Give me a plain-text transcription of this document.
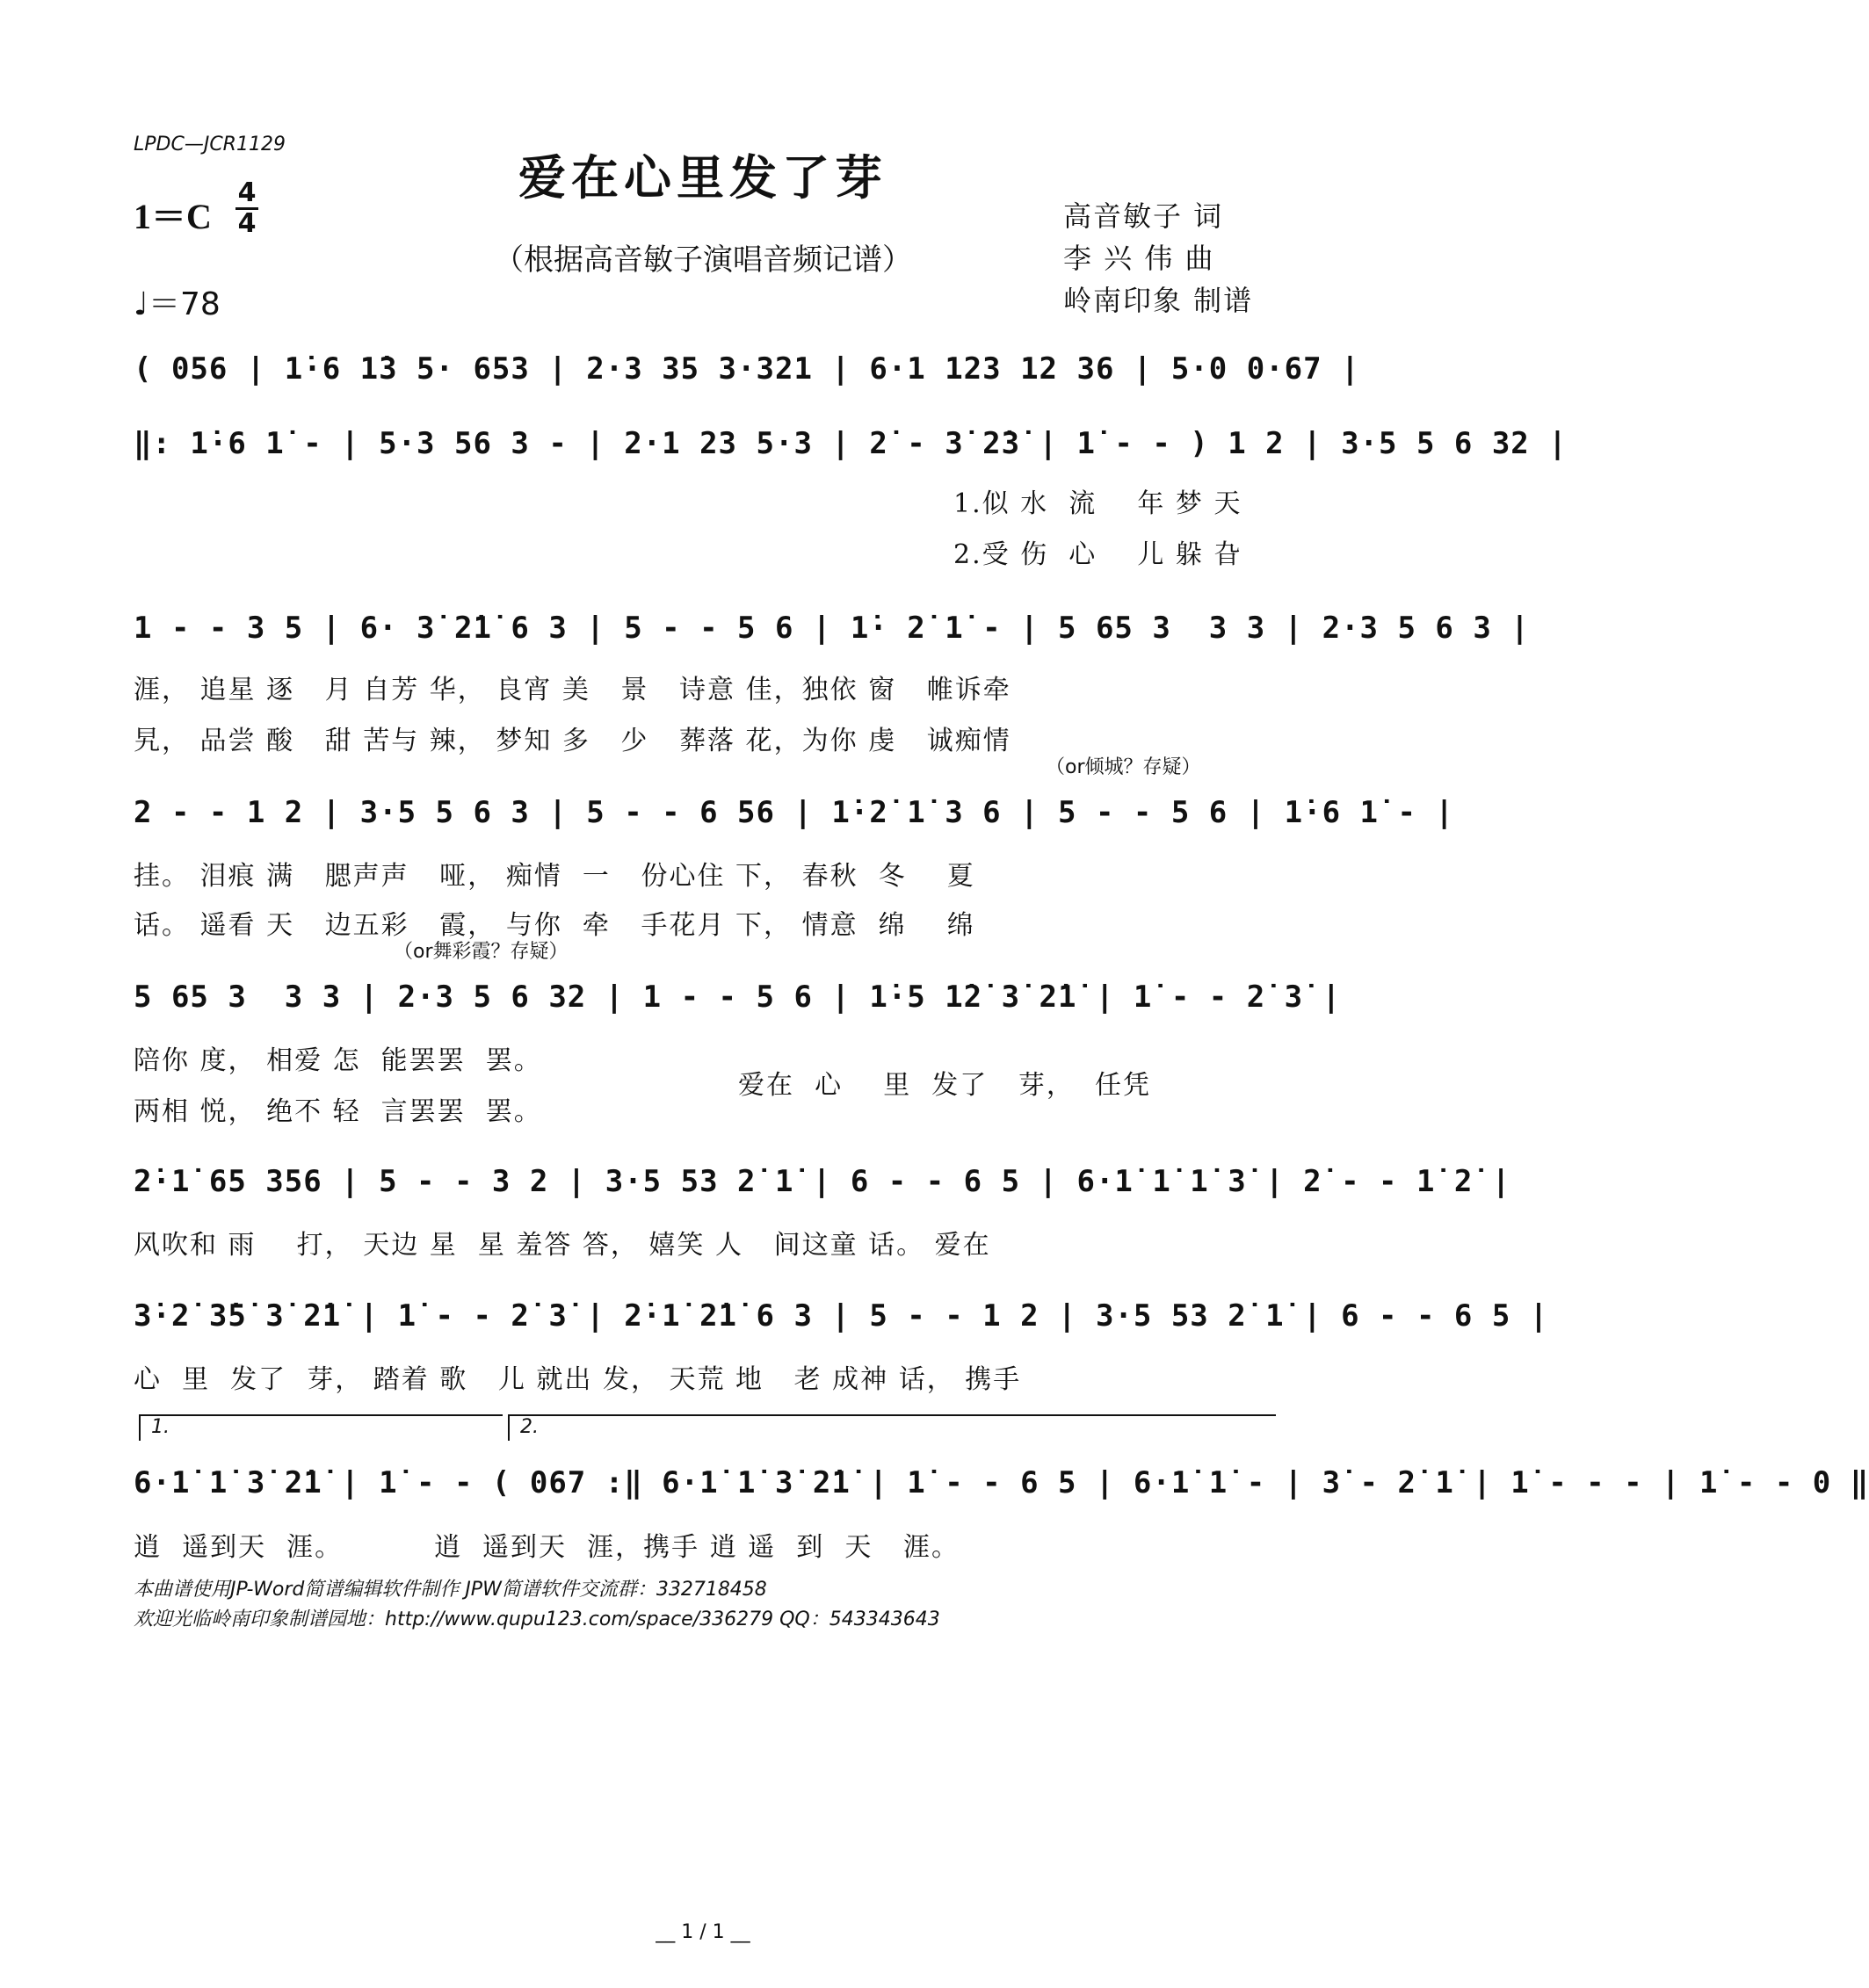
LPDC—JCR1129
爱在心里发了芽
（根据高音敏子演唱音频记谱）
1＝C
4
4
♩＝78
高音敏子 词
李 兴 伟 曲
岭南印象 制谱
( 056 | 1̇·6 1̇3 5· 653 | 2·3 35 3·321 | 6·1 123 12 36 | 5·0 0·67 |
‖: 1̇·6 1̇ - | 5·3 56 3 - | 2·1 23 5·3 | 2̇ - 3̇ 2̇3̇ | 1̇ - - ) 1 2 | 3·5 5 6 32 |
1.似 水  流    年 梦 天
2.受 伤  心    儿 躲 旮
1 - - 3 5 | 6· 3̇ 2̇1̇ 6 3 | 5 - - 5 6 | 1̇· 2̇ 1̇ - | 5 65 3  3 3 | 2·3 5 6 3 |
涯， 追星 逐   月 自芳 华， 良宵 美   景   诗意 佳，独依 窗   帷诉牵
旯， 品尝 酸   甜 苦与 辣， 梦知 多   少   葬落 花，为你 虔   诚痴情
（or倾城？存疑）
2 - - 1 2 | 3·5 5 6 3 | 5 - - 6 56 | 1̇·2̇ 1̇ 3 6 | 5 - - 5 6 | 1̇·6 1̇ - |
挂。 泪痕 满   腮声声   哑， 痴情  一   份心住 下， 春秋  冬    夏
话。 遥看 天   边五彩   霞， 与你  牵   手花月 下， 情意  绵    绵
（or舞彩霞？存疑）
5 65 3  3 3 | 2·3 5 6 32 | 1 - - 5 6 | 1̇·5 1̇2̇ 3̇ 2̇1̇ | 1̇ - - 2̇ 3̇ |
陪你 度， 相爱 怎  能罢罢  罢。
两相 悦， 绝不 轻  言罢罢  罢。
爱在  心    里  发了   芽，  任凭
2̇·1̇ 65 356 | 5 - - 3 2 | 3·5 53 2̇ 1̇ | 6 - - 6 5 | 6·1̇ 1̇ 1̇ 3̇ | 2̇ - - 1̇ 2̇ |
风吹和 雨    打， 天边 星  星 羞答 答， 嬉笑 人   间这童 话。 爱在
3̇·2̇ 3̇5̇ 3̇ 2̇1̇ | 1̇ - - 2̇ 3̇ | 2̇·1̇ 2̇1̇ 6 3 | 5 - - 1 2 | 3·5 53 2̇ 1̇ | 6 - - 6 5 |
心  里  发了  芽， 踏着 歌   儿 就出 发， 天荒 地   老 成神 话， 携手
1.	2.
6·1̇ 1̇ 3̇ 2̇1̇ | 1̇ - - ( 067 :‖ 6·1̇ 1̇ 3̇ 2̇1̇ | 1̇ - - 6 5 | 6·1̇ 1̇ - | 3̇ - 2̇ 1̇ | 1̇ - - - | 1̇ - - 0 ‖
逍  遥到天  涯。         逍  遥到天  涯，携手 逍 遥  到  天   涯。
本曲谱使用JP-Word简谱编辑软件制作 JPW简谱软件交流群：332718458
欢迎光临岭南印象制谱园地：http://www.qupu123.com/space/336279 QQ：543343643
__ 1 / 1 __
